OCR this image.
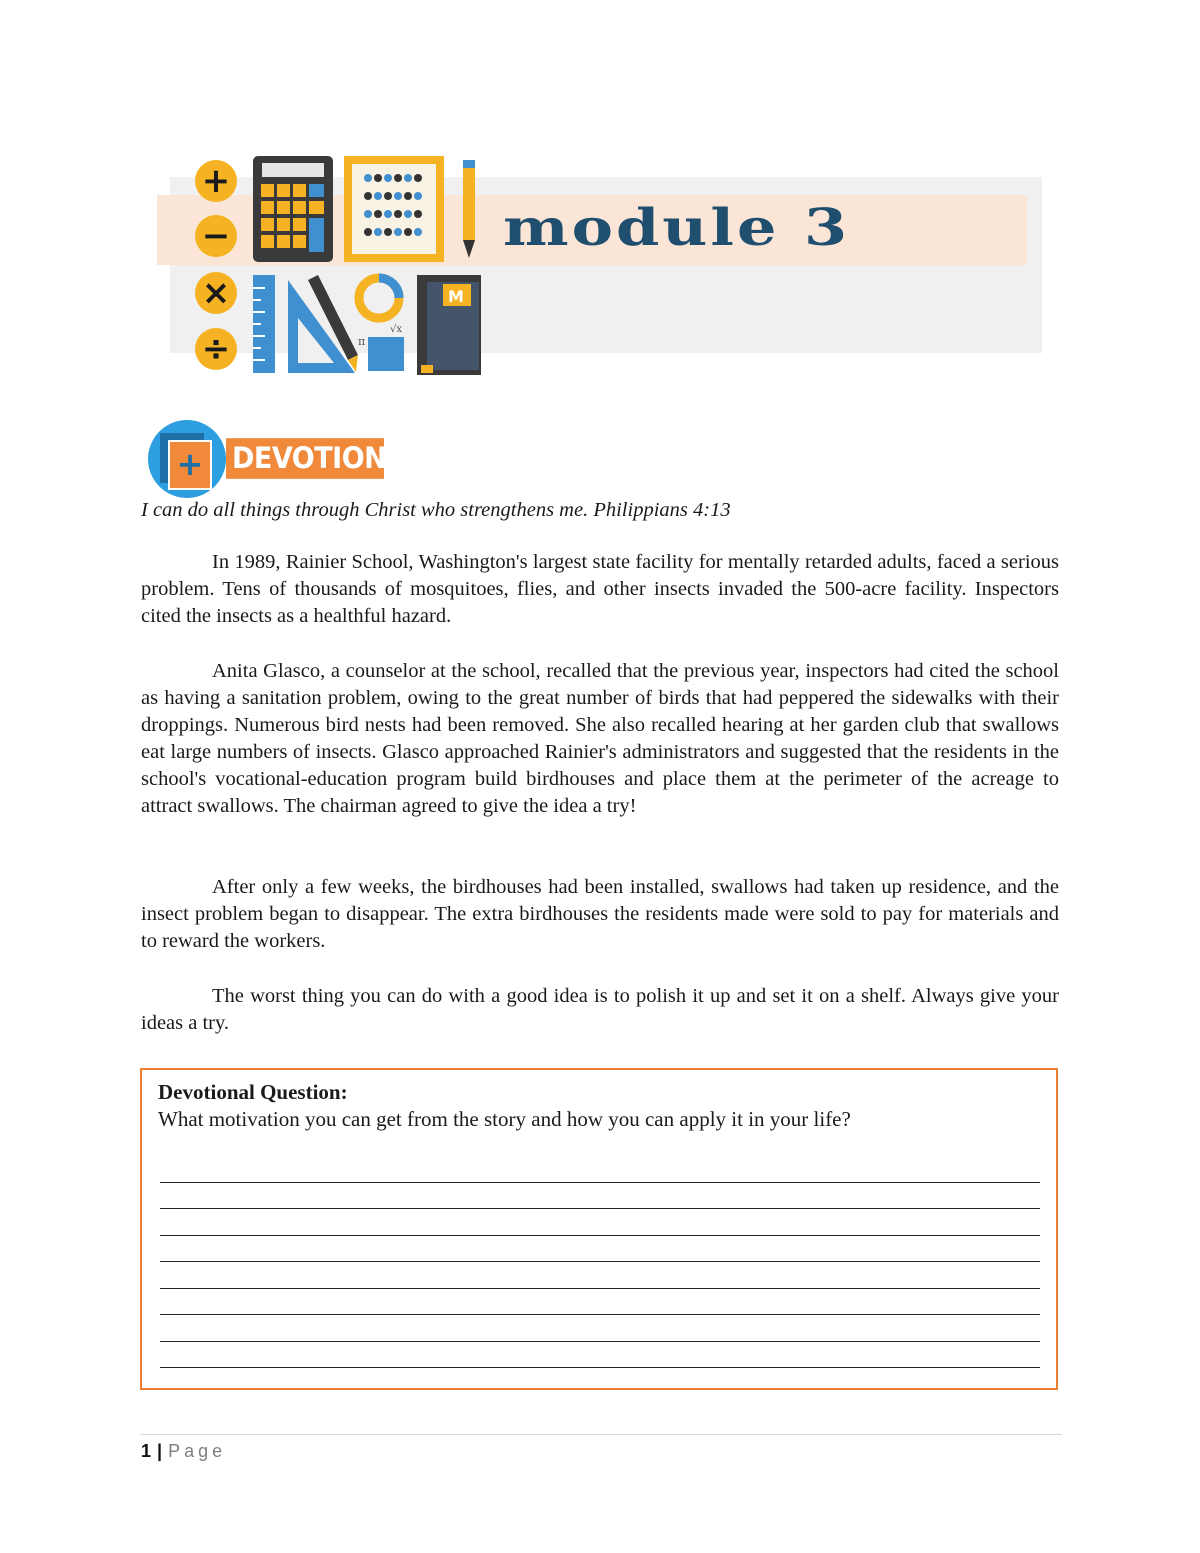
+
−
×
÷	π
√x
M
module 3
+	DEVOTIONAL

I can do all things through Christ who strengthens me. Philippians 4:13

In 1989, Rainier School, Washington's largest state facility for mentally retarded adults, faced a serious problem. Tens of thousands of mosquitoes, flies, and other insects invaded the 500-acre facility. Inspectors cited the insects as a healthful hazard.

Anita Glasco, a counselor at the school, recalled that the previous year, inspectors had cited the school as having a sanitation problem, owing to the great number of birds that had peppered the sidewalks with their droppings. Numerous bird nests had been removed. She also recalled hearing at her garden club that swallows eat large numbers of insects. Glasco approached Rainier's administrators and suggested that the residents in the school's vocational-education program build birdhouses and place them at the perimeter of the acreage to attract swallows. The chairman agreed to give the idea a try!

After only a few weeks, the birdhouses had been installed, swallows had taken up residence, and the insect problem began to disappear. The extra birdhouses the residents made were sold to pay for materials and to reward the workers.

The worst thing you can do with a good idea is to polish it up and set it on a shelf. Always give your ideas a try.

Devotional Question:

What motivation you can get from the story and how you can apply it in your life?

1 | Page
